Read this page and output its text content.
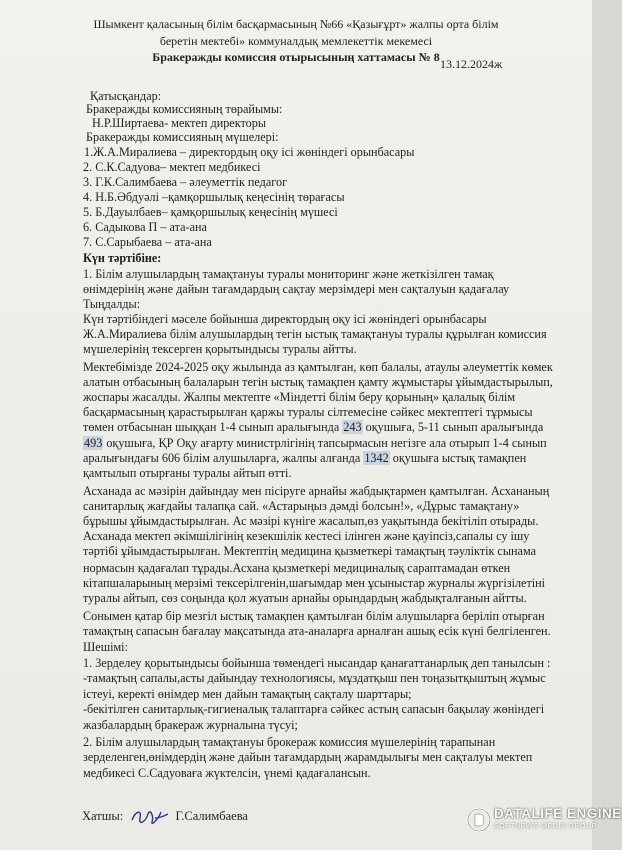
Шымкент қаласының білім басқармасының №66 «Қазығұрт» жалпы орта білім
беретін мектебі» коммуналдық мемлекеттік мекемесі
Бракеражды комиссия отырысының хаттамасы № 8 13.12.2024ж
Қатысқандар:
Бракеражды комиссияның төрайымы:
Н.Р.Ширтаева- мектеп директоры
Бракеражды комиссияның мүшелері:
1.Ж.А.Миралиева – директордың оқу ісі жөніндегі орынбасары
2. С.К.Садуова– мектеп медбикесі
3. Г.К.Салимбаева – әлеуметтік педагог
4. Н.Б.Әбдуәлі –қамқоршылық кеңесінің төрағасы
5. Б.Дауылбаев– қамқоршылық кеңесінің мүшесі
6. Садыкова П – ата-ана
7. С.Сарыбаева – ата-ана
Күн тәртібіне:
1. Білім алушылардың тамақтануы туралы мониторинг және жеткізілген тамақ
өнімдерінің және дайын тағамдардың сақтау мерзімдері мен сақталуын қадағалау
Тыңдалды:
Күн тәртібіндегі мәселе бойынша директордың оқу ісі жөніндегі орынбасары
Ж.А.Миралиева білім алушылардың тегін ыстық тамақтануы туралы құрылған комиссия
мүшелерінің тексерген қорытындысы туралы айтты.
Мектебімізде 2024-2025 оқу жылында аз қамтылған, көп балалы, атаулы әлеуметтік көмек
алатын отбасының балаларын тегін ыстық тамақпен қамту жұмыстары ұйымдастырылып,
жоспары жасалды. Жалпы мектепте «Міндетті білім беру қорының» қалалық білім
басқармасының қарастырылған қаржы туралы сілтемесіне сәйкес мектептегі тұрмысы
төмен отбасынан шыққан 1-4 сынып аралығында 243 оқушыға, 5-11 сынып аралығында
493 оқушыға, ҚР Оқу ағарту министрлігінің тапсырмасын негізге ала отырып 1-4 сынып
аралығындағы 606 білім алушыларға, жалпы алғанда 1342 оқушыға ыстық тамақпен
қамтылып отырғаны туралы айтып өтті.
Асханада ас мәзірін дайындау мен пісіруге арнайы жабдықтармен қамтылған. Асхананың
санитарлық жағдайы талапқа сай. «Астарыңыз дәмді болсын!», «Дұрыс тамақтану»
бұрышы ұйымдастырылған. Ас мәзірі күніге жасалып,өз уақытында бекітіліп отырады.
Асханада мектеп әкімшілігінің кезекшілік кестесі ілінген және қауіпсіз,сапалы су ішу
тәртібі ұйымдастырылған. Мектептің медицина қызметкері тамақтың тәуліктік сынама
нормасын қадағалап тұрады.Асхана қызметкері медициналық сараптамадан өткен
кітапшаларының мерзімі тексерілгенін,шағымдар мен ұсыныстар журналы жүргізілетіні
туралы айтып, сөз соңында қол жуатын арнайы орындардың жабдықталғанын айтты.
Сонымен қатар бір мезгіл ыстық тамақпен қамтылған білім алушыларға беріліп отырған
тамақтың сапасын бағалау мақсатында ата-аналарға арналған ашық есік күні белгіленген.
Шешімі:
1. Зерделеу қорытындысы бойынша төмендегі нысандар қанағаттанарлық деп танылсын :
-тамақтың сапалы,асты дайындау технологиясы, мұздатқыш пен тоңазытқыштың жұмыс
істеуі, керекті өнімдер мен дайын тамақтың сақталу шарттары;
-бекітілген санитарлық-гигиеналық талаптарға сәйкес астың сапасын бақылау жөніндегі
жазбалардың бракераж журналына түсуі;
2. Білім алушылардың тамақтануы брокераж комиссия мүшелерінің тарапынан
зерделенген,өнімдердің және дайын тағамдардың жарамдылығы мен сақталуы мектеп
медбикесі С.Садуоваға жүктелсін, үнемі қадағалансын.
Хатшы:	Г.Салимбаева	DATALIFE ENGINE
SOFTNEWS MEDIA GROUP
